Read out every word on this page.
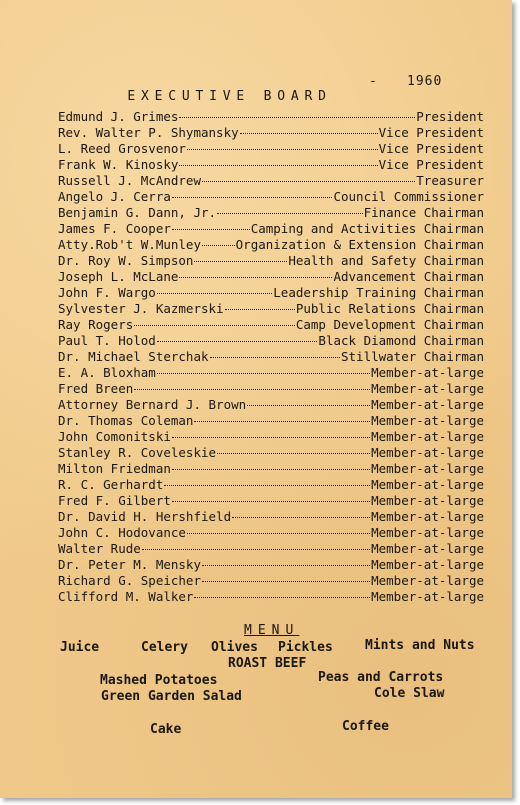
EXECUTIVE BOARD
- 1960

Edmund J. Grimes	President
Rev. Walter P. Shymansky	Vice President
L. Reed Grosvenor	Vice President
Frank W. Kinosky	Vice President
Russell J. McAndrew	Treasurer
Angelo J. Cerra	Council Commissioner
Benjamin G. Dann, Jr.	Finance Chairman
James F. Cooper	Camping and Activities Chairman
Atty.Rob't W.Munley	Organization & Extension Chairman
Dr. Roy W. Simpson	Health and Safety Chairman
Joseph L. McLane	Advancement Chairman
John F. Wargo	Leadership Training Chairman
Sylvester J. Kazmerski	Public Relations Chairman
Ray Rogers	Camp Development Chairman
Paul T. Holod	Black Diamond Chairman
Dr. Michael Sterchak	Stillwater Chairman
E. A. Bloxham	Member-at-large
Fred Breen	Member-at-large
Attorney Bernard J. Brown	Member-at-large
Dr. Thomas Coleman	Member-at-large
John Comonitski	Member-at-large
Stanley R. Coveleskie	Member-at-large
Milton Friedman	Member-at-large
R. C. Gerhardt	Member-at-large
Fred F. Gilbert	Member-at-large
Dr. David H. Hershfield	Member-at-large
John C. Hodovance	Member-at-large
Walter Rude	Member-at-large
Dr. Peter M. Mensky	Member-at-large
Richard G. Speicher	Member-at-large
Clifford M. Walker	Member-at-large
MENU
Juice	Celery Olives Pickles Mints and Nuts
ROAST BEEF
Mashed Potatoes	Peas and Carrots
Green Garden Salad	Cole Slaw
Cake	Coffee
